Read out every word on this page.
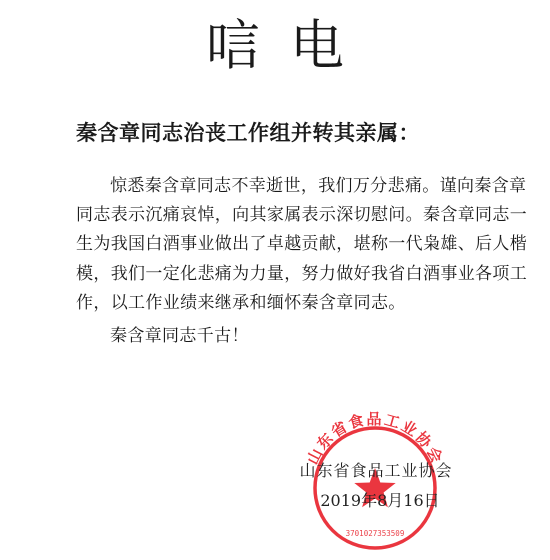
唁电
秦含章同志治丧工作组并转其亲属：

惊悉秦含章同志不幸逝世，我们万分悲痛。谨向秦含章同志表示沉痛哀悼，向其家属表示深切慰问。秦含章同志一生为我国白酒事业做出了卓越贡献，堪称一代枭雄、后人楷模，我们一定化悲痛为力量，努力做好我省白酒事业各项工作，以工作业绩来继承和缅怀秦含章同志。

秦含章同志千古！

山东省食品工业协会
3701027353509
山东省食品工业协会
2019年8月16日
